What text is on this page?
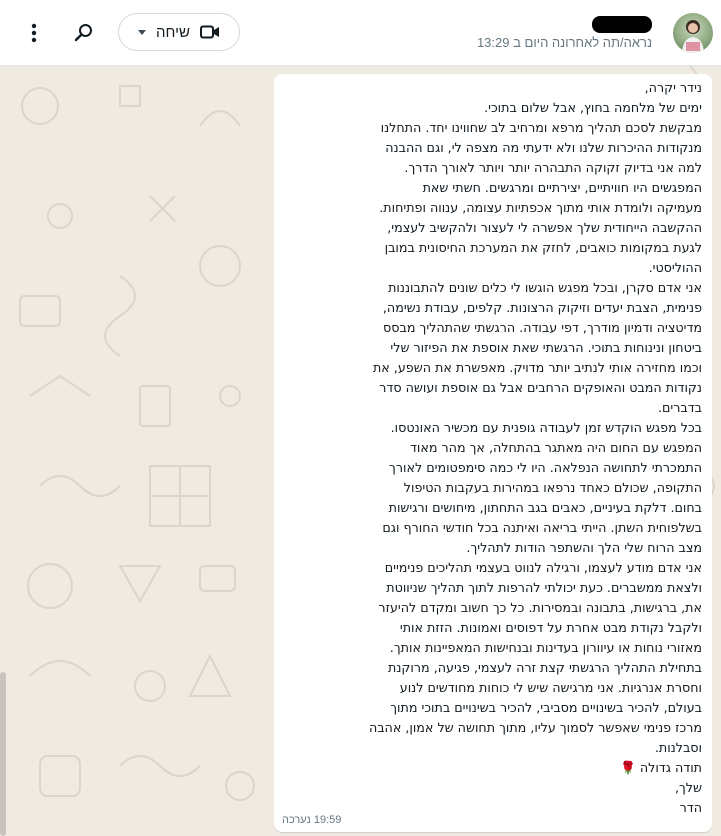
נראה/תה לאחרונה היום ב 13:29
שיחה
נידר יקרה,
ימים של מלחמה בחוץ, אבל שלום בתוכי.
מבקשת לסכם תהליך מרפא ומרחיב לב שחווינו יחד. התחלנו
מנקודות ההיכרות שלנו ולא ידעתי מה מצפה לי, וגם ההבנה
למה אני בדיוק זקוקה התבהרה יותר ויותר לאורך הדרך.
המפגשים היו חוויתיים, יצירתיים ומרגשים. חשתי שאת
מעמיקה ולומדת אותי מתוך אכפתיות עצומה, ענווה ופתיחות.
ההקשבה הייחודית שלך אפשרה לי לעצור ולהקשיב לעצמי,
לגעת במקומות כואבים, לחזק את המערכת החיסונית במובן
ההוליסטי.
אני אדם סקרן, ובכל מפגש הוגשו לי כלים שונים להתבוננות
פנימית, הצבת יעדים וזיקוק הרצונות. קלפים, עבודת נשימה,
מדיטציה ודמיון מודרך, דפי עבודה. הרגשתי שהתהליך מבסס
ביטחון ונינוחות בתוכי. הרגשתי שאת אוספת את הפיזור שלי
וכמו מחזירה אותי לנתיב יותר מדויק. מאפשרת את השפע, את
נקודות המבט והאופקים הרחבים אבל גם אוספת ועושה סדר
בדברים.
בכל מפגש הוקדש זמן לעבודה גופנית עם מכשיר האונטסו.
המפגש עם החום היה מאתגר בהתחלה, אך מהר מאוד
התמכרתי לתחושה הנפלאה. היו לי כמה סימפטומים לאורך
התקופה, שכולם כאחד נרפאו במהירות בעקבות הטיפול
בחום. דלקת בעיניים, כאבים בגב התחתון, מיחושים ורגישות
בשלפוחית השתן. הייתי בריאה ואיתנה בכל חודשי החורף וגם
מצב הרוח שלי הלך והשתפר הודות לתהליך.
אני אדם מודע לעצמו, ורגילה לנווט בעצמי תהליכים פנימיים
ולצאת ממשברים. כעת יכולתי להרפות לתוך תהליך שניווטת
את, ברגישות, בתבונה ובמסירות. כל כך חשוב ומקדם להיעזר
ולקבל נקודת מבט אחרת על דפוסים ואמונות. הזזת אותי
מאזורי נוחות או עיוורון בעדינות ובנחישות המאפיינות אותך.
בתחילת התהליך הרגשתי קצת זרה לעצמי, פגיעה, מרוקנת
וחסרת אנרגיות. אני מרגישה שיש לי כוחות מחודשים לנוע
בעולם, להכיר בשינויים מסביבי, להכיר בשינויים בתוכי מתוך
מרכז פנימי שאפשר לסמוך עליו, מתוך תחושה של אמון, אהבה
וסבלנות.
תודה גדולה 🌹
שלך,
הדר
19:59 נערכה
